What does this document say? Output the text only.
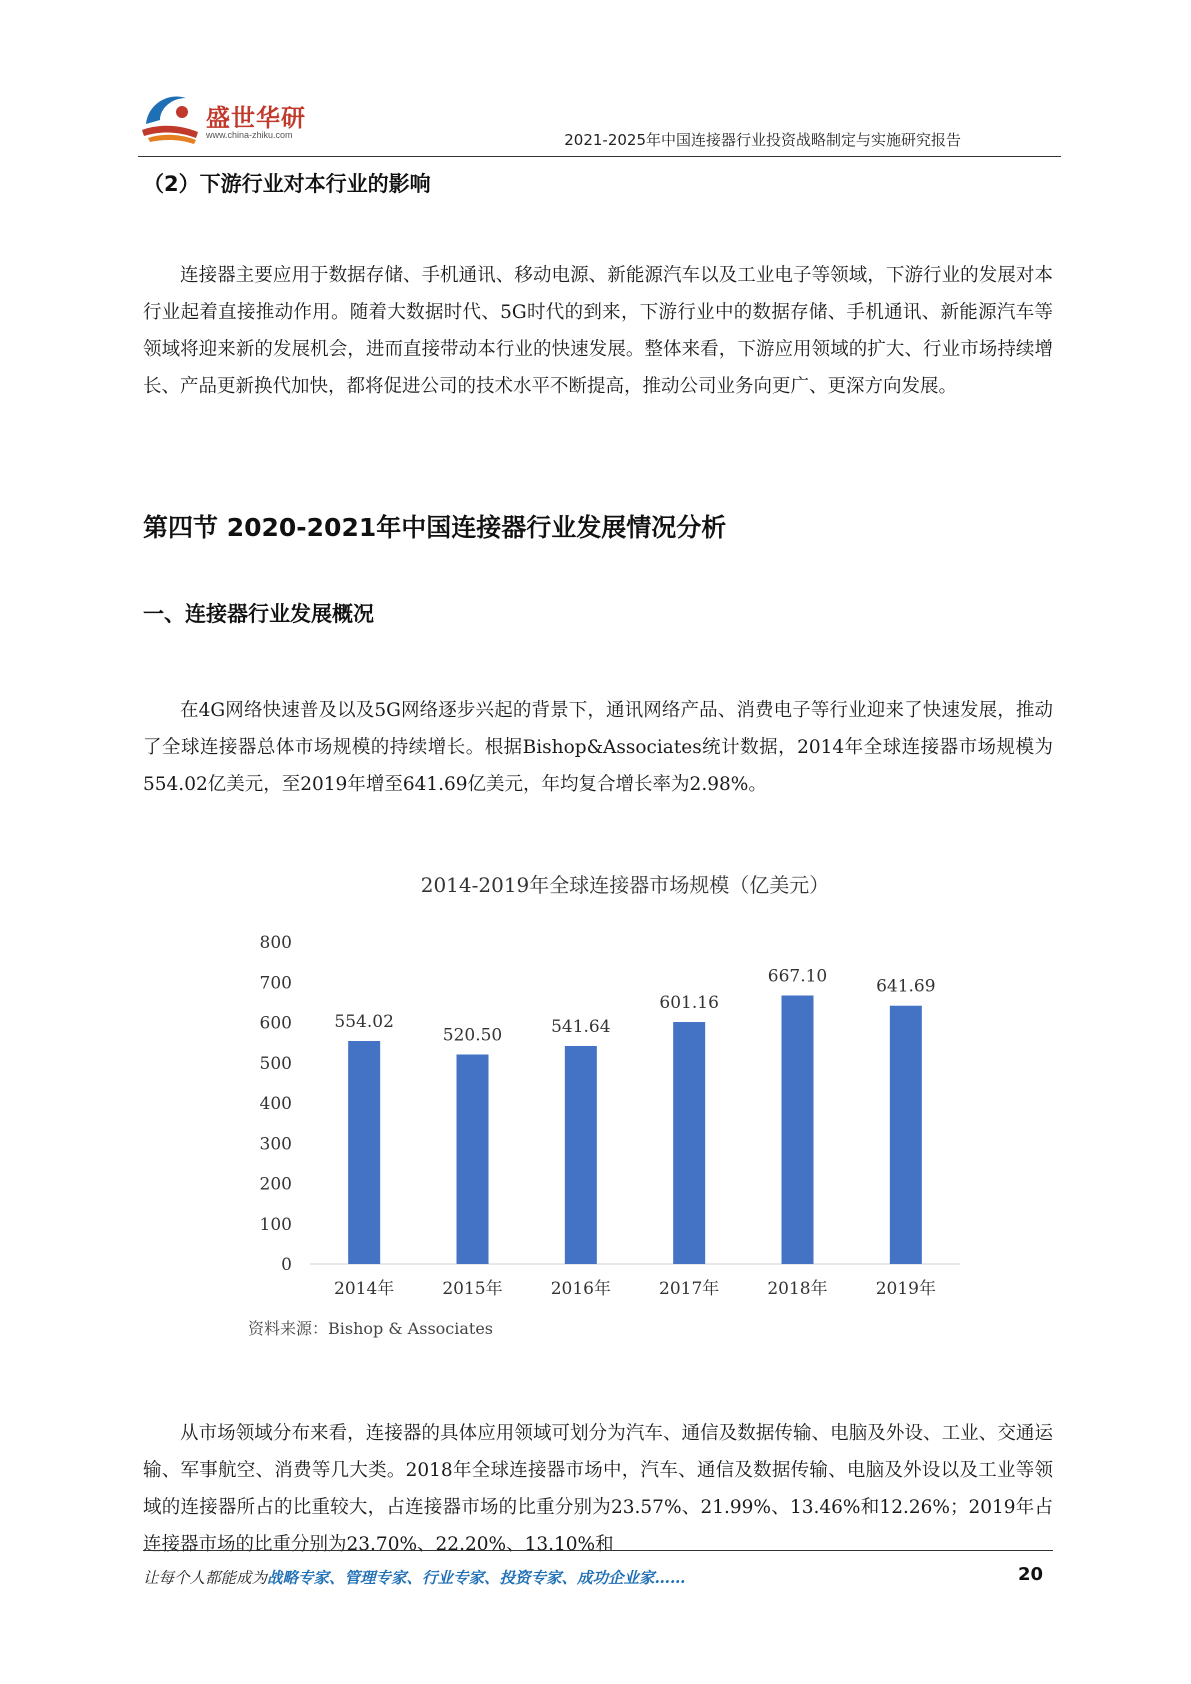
盛世华研
www.china-zhiku.com	2021-2025年中国连接器行业投资战略制定与实施研究报告
（2）下游行业对本行业的影响

连接器主要应用于数据存储、手机通讯、移动电源、新能源汽车以及工业电子等领域，下游行业的发展对本行业起着直接推动作用。随着大数据时代、5G时代的到来，下游行业中的数据存储、手机通讯、新能源汽车等领域将迎来新的发展机会，进而直接带动本行业的快速发展。整体来看，下游应用领域的扩大、行业市场持续增长、产品更新换代加快，都将促进公司的技术水平不断提高，推动公司业务向更广、更深方向发展。

第四节 2020-2021年中国连接器行业发展情况分析
一、连接器行业发展概况

在4G网络快速普及以及5G网络逐步兴起的背景下，通讯网络产品、消费电子等行业迎来了快速发展，推动了全球连接器总体市场规模的持续增长。根据Bishop&Associates统计数据，2014年全球连接器市场规模为554.02亿美元，至2019年增至641.69亿美元，年均复合增长率为2.98%。

2014-2019年全球连接器市场规模（亿美元）
0
100
200
300
400
500
600
700
800
554.02
2014年
520.50
2015年
541.64
2016年
601.16
2017年
667.10
2018年
641.69
2019年
资料来源：Bishop & Associates

从市场领域分布来看，连接器的具体应用领域可划分为汽车、通信及数据传输、电脑及外设、工业、交通运输、军事航空、消费等几大类。2018年全球连接器市场中，汽车、通信及数据传输、电脑及外设以及工业等领域的连接器所占的比重较大，占连接器市场的比重分别为23.57%、21.99%、13.46%和12.26%；2019年占连接器市场的比重分别为23.70%、22.20%、13.10%和

让每个人都能成为战略专家、管理专家、行业专家、投资专家、成功企业家……	20
